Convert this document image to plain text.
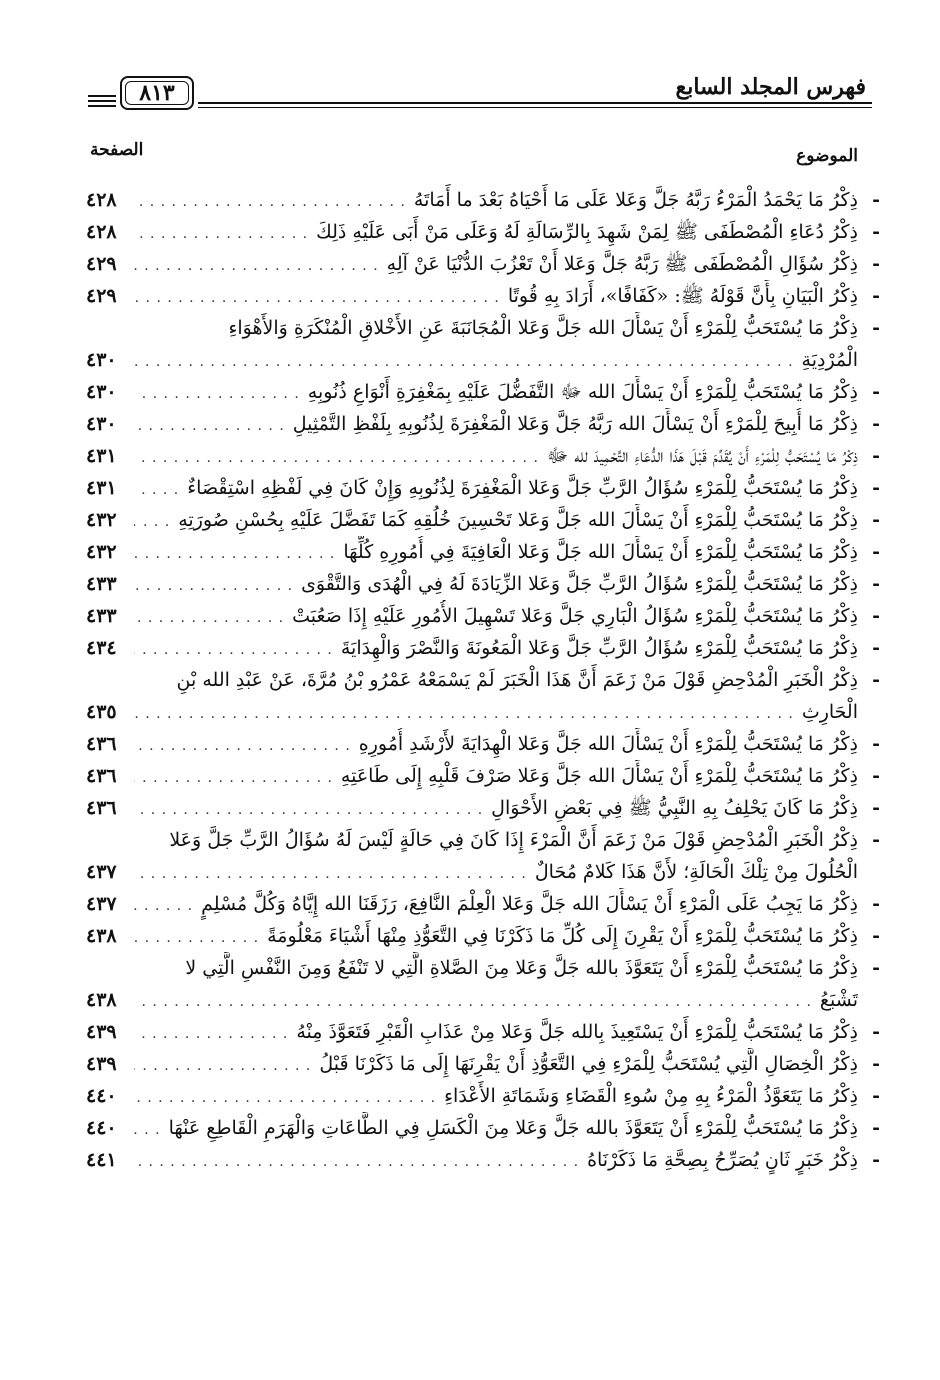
فهرس المجلد السابع
٨١٣
الموضوع
الصفحة
- ذِكْرُ مَا يَحْمَدُ الْمَرْءُ رَبَّهُ جَلَّ وَعَلا عَلَى مَا أَحْيَاهُ بَعْدَ ما أَمَاتَهُ
. . .
٤٢٨
- ذِكْرُ دُعَاءِ الْمُصْطَفَى ﷺ لِمَنْ شَهِدَ بِالرِّسَالَةِ لَهُ وَعَلَى مَنْ أَبَى عَلَيْهِ ذَلِكَ
. . .
٤٢٨
- ذِكْرُ سُؤَالِ الْمُصْطَفَى ﷺ رَبَّهُ جَلَّ وَعَلا أَنْ تَعْزُبَ الدُّنْيَا عَنْ آلِهِ
. . .
٤٢٩
- ذِكْرُ الْبَيَانِ بِأَنَّ قَوْلَهُ ﷺ: «كَفَافًا»، أَرَادَ بِهِ قُوتًا
. . .
٤٢٩
- ذِكْرُ مَا يُسْتَحَبُّ لِلْمَرْءِ أَنْ يَسْأَلَ الله جَلَّ وَعَلا الْمُجَانَبَةَ عَنِ الأَخْلاقِ الْمُنْكَرَةِ وَالأَهْوَاءِ
الْمُرْدِيَةِ
. . .
٤٣٠
- ذِكْرُ مَا يُسْتَحَبُّ لِلْمَرْءِ أَنْ يَسْأَلَ الله ﷻ التَّفَضُّلَ عَلَيْهِ بِمَغْفِرَةِ أَنْوَاعِ ذُنُوبِهِ
. . .
٤٣٠
- ذِكْرُ مَا أُبِيحَ لِلْمَرْءِ أَنْ يَسْأَلَ الله رَبَّهُ جَلَّ وَعَلا الْمَغْفِرَةَ لِذُنُوبِهِ بِلَفْظِ التَّمْثِيلِ
. . .
٤٣٠
- ذِكْرُ مَا يُسْتَحَبُّ لِلْمَرْءِ أَنْ يُقَدِّمَ قَبْلَ هَذَا الدُّعَاءِ التَّحْمِيدَ لله ﷻ
. . .
٤٣١
- ذِكْرُ مَا يُسْتَحَبُّ لِلْمَرْءِ سُؤَالُ الرَّبِّ جَلَّ وَعَلا الْمَغْفِرَةَ لِذُنُوبِهِ وَإِنْ كَانَ فِي لَفْظِهِ اسْتِقْصَاءٌ
. . .
٤٣١
- ذِكْرُ مَا يُسْتَحَبُّ لِلْمَرْءِ أَنْ يَسْأَلَ الله جَلَّ وَعَلا تَحْسِينَ خُلُقِهِ كَمَا تَفَضَّلَ عَلَيْهِ بِحُسْنِ صُورَتِهِ
. . .
٤٣٢
- ذِكْرُ مَا يُسْتَحَبُّ لِلْمَرْءِ أَنْ يَسْأَلَ الله جَلَّ وَعَلا الْعَافِيَةَ فِي أُمُورِهِ كُلِّهَا
. . .
٤٣٢
- ذِكْرُ مَا يُسْتَحَبُّ لِلْمَرْءِ سُؤَالُ الرَّبِّ جَلَّ وَعَلا الزِّيَادَةَ لَهُ فِي الْهُدَى وَالتَّقْوَى
. . .
٤٣٣
- ذِكْرُ مَا يُسْتَحَبُّ لِلْمَرْءِ سُؤَالُ الْبَارِي جَلَّ وَعَلا تَسْهِيلَ الأُمُورِ عَلَيْهِ إِذَا صَعُبَتْ
. . .
٤٣٣
- ذِكْرُ مَا يُسْتَحَبُّ لِلْمَرْءِ سُؤَالُ الرَّبِّ جَلَّ وَعَلا الْمَعُونَةَ وَالنَّصْرَ وَالْهِدَايَةَ
. . .
٤٣٤
- ذِكْرُ الْخَبَرِ الْمُدْحِضِ قَوْلَ مَنْ زَعَمَ أَنَّ هَذَا الْخَبَرَ لَمْ يَسْمَعْهُ عَمْرُو بْنُ مُرَّةَ، عَنْ عَبْدِ الله بْنِ
الْحَارِثِ
. . .
٤٣٥
- ذِكْرُ مَا يُسْتَحَبُّ لِلْمَرْءِ أَنْ يَسْأَلَ الله جَلَّ وَعَلا الْهِدَايَةَ لأَرْشَدِ أُمُورِهِ
. . .
٤٣٦
- ذِكْرُ مَا يُسْتَحَبُّ لِلْمَرْءِ أَنْ يَسْأَلَ الله جَلَّ وَعَلا صَرْفَ قَلْبِهِ إِلَى طَاعَتِهِ
. . .
٤٣٦
- ذِكْرُ مَا كَانَ يَحْلِفُ بِهِ النَّبِيُّ ﷺ فِي بَعْضِ الأَحْوَالِ
. . .
٤٣٦
- ذِكْرُ الْخَبَرِ الْمُدْحِضِ قَوْلَ مَنْ زَعَمَ أَنَّ الْمَرْءَ إِذَا كَانَ فِي حَالَةٍ لَيْسَ لَهُ سُؤَالُ الرَّبِّ جَلَّ وَعَلا
الْحُلُولَ مِنْ تِلْكَ الْحَالَةِ؛ لأَنَّ هَذَا كَلامٌ مُحَالٌ
. . .
٤٣٧
- ذِكْرُ مَا يَجِبُ عَلَى الْمَرْءِ أَنْ يَسْأَلَ الله جَلَّ وَعَلا الْعِلْمَ النَّافِعَ، رَزَقَنَا الله إِيَّاهُ وَكُلَّ مُسْلِمٍ
. . .
٤٣٧
- ذِكْرُ مَا يُسْتَحَبُّ لِلْمَرْءِ أَنْ يَقْرِنَ إِلَى كُلِّ مَا ذَكَرْنَا فِي التَّعَوُّذِ مِنْهَا أَشْيَاءَ مَعْلُومَةً
. . .
٤٣٨
- ذِكْرُ مَا يُسْتَحَبُّ لِلْمَرْءِ أَنْ يَتَعَوَّذَ بالله جَلَّ وَعَلا مِنَ الصَّلاةِ الَّتِي لا تَنْفَعُ وَمِنَ النَّفْسِ الَّتِي لا
تَشْبَعُ
. . .
٤٣٨
- ذِكْرُ مَا يُسْتَحَبُّ لِلْمَرْءِ أَنْ يَسْتَعِيذَ بِالله جَلَّ وَعَلا مِنْ عَذَابِ الْقَبْرِ فَتَعَوَّذَ مِنْهُ
. . .
٤٣٩
- ذِكْرُ الْخِصَالِ الَّتِي يُسْتَحَبُّ لِلْمَرْءِ فِي التَّعَوُّذِ أَنْ يَقْرِنَهَا إِلَى مَا ذَكَرْنَا قَبْلُ
. . .
٤٣٩
- ذِكْرُ مَا يَتَعَوَّذُ الْمَرْءُ بِهِ مِنْ سُوءِ الْقَضَاءِ وَشَمَاتَةِ الأَعْدَاءِ
. . .
٤٤٠
- ذِكْرُ مَا يُسْتَحَبُّ لِلْمَرْءِ أَنْ يَتَعَوَّذَ بالله جَلَّ وَعَلا مِنَ الْكَسَلِ فِي الطَّاعَاتِ وَالْهَرَمِ الْقَاطِعِ عَنْهَا
. . .
٤٤٠
- ذِكْرُ خَبَرٍ ثَانٍ يُصَرِّحُ بِصِحَّةِ مَا ذَكَرْنَاهُ
. . .
٤٤١
